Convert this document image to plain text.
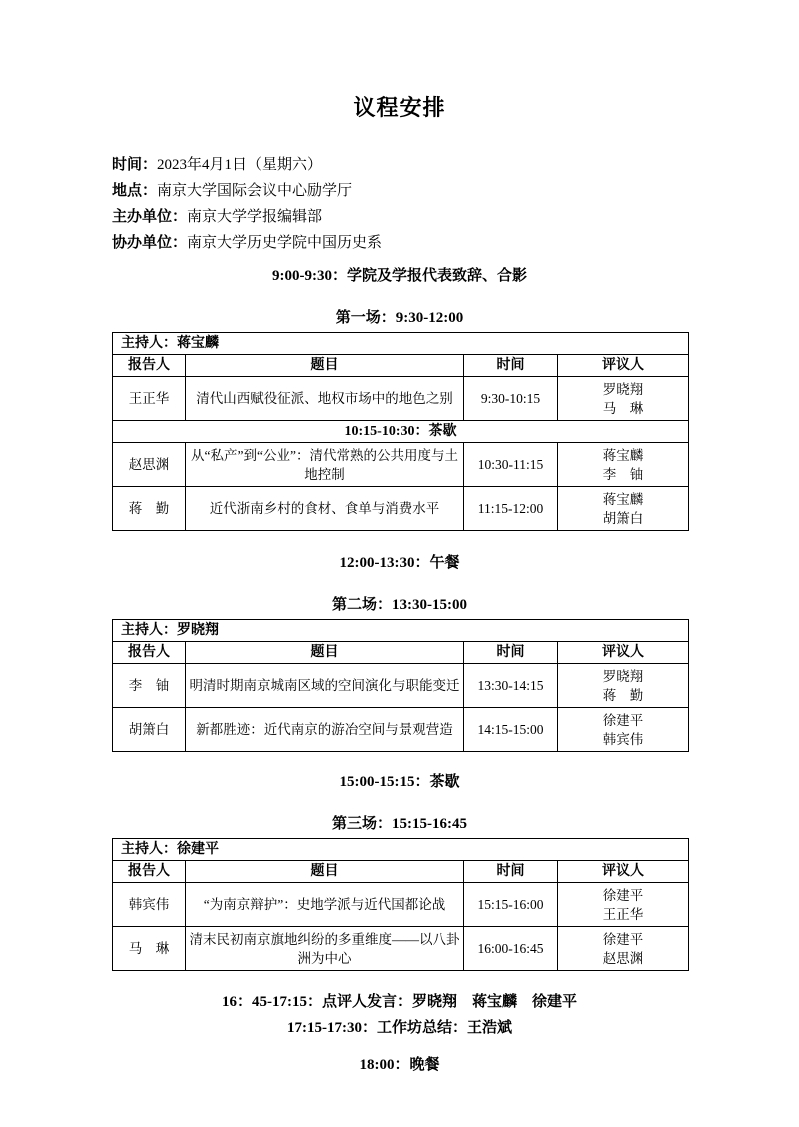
议程安排
时间：2023年4月1日（星期六）
地点：南京大学国际会议中心励学厅
主办单位：南京大学学报编辑部
协办单位：南京大学历史学院中国历史系
9:00-9:30：学院及学报代表致辞、合影
第一场：9:30-12:00
主持人：蒋宝麟			
报告人	题目	时间	评议人
王正华	清代山西赋役征派、地权市场中的地色之别	9:30-10:15	罗晓翔
马　琳

10:15-10:30：茶歇			
赵思渊	从“私产”到“公业”：清代常熟的公共用度与土地控制	10:30-11:15	蒋宝麟
李　铀

蒋　勤	近代浙南乡村的食材、食单与消费水平	11:15-12:00	蒋宝麟
胡箫白
12:00-13:30：午餐
第二场：13:30-15:00
主持人：罗晓翔			
报告人	题目	时间	评议人
李　铀	明清时期南京城南区域的空间演化与职能变迁	13:30-14:15	罗晓翔
蒋　勤

胡箫白	新都胜迹：近代南京的游冶空间与景观营造	14:15-15:00	徐建平
韩宾伟
15:00-15:15：茶歇
第三场：15:15-16:45
主持人：徐建平			
报告人	题目	时间	评议人
韩宾伟	“为南京辩护”：史地学派与近代国都论战	15:15-16:00	徐建平
王正华

马　琳	清末民初南京旗地纠纷的多重维度——以八卦洲为中心	16:00-16:45	徐建平
赵思渊
16：45-17:15：点评人发言：罗晓翔　蒋宝麟　徐建平
17:15-17:30：工作坊总结：王浩斌
18:00：晚餐
